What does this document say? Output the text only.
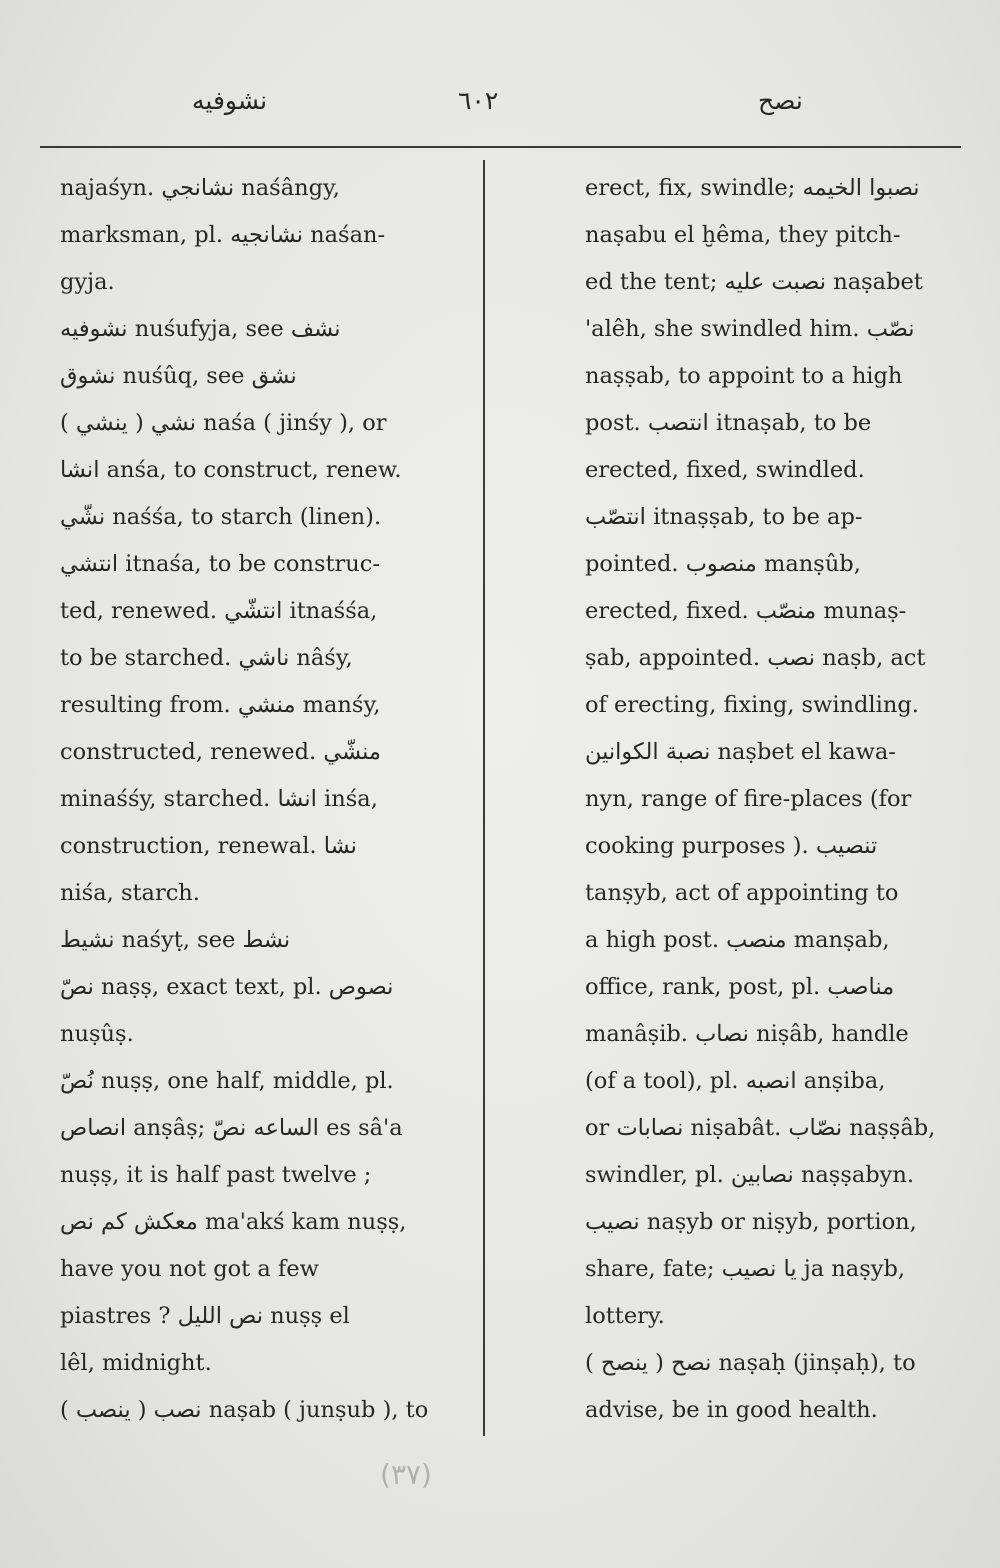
نشوفيه	٦٠٢	نصح
najaśyn. نشانجي naśângy,
marksman, pl. نشانجيه naśan-
gyja.
نشوفيه nuśufyja, see نشف
نشوق nuśûq, see نشق
نشي ( ينشي ) naśa ( jinśy ), or
انشا anśa, to construct, renew.
نشّي naśśa, to starch (linen).
انتشي itnaśa, to be construc-
ted, renewed. انتشّي itnaśśa,
to be starched. ناشي nâśy,
resulting from. منشي manśy,
constructed, renewed. منشّي
minaśśy, starched. انشا inśa,
construction, renewal. نشا
niśa, starch.
نشيط naśyṭ, see نشط
نصّ naṣṣ, exact text, pl. نصوص
nuṣûṣ.
نُصّ nuṣṣ, one half, middle, pl.
انصاص anṣâṣ; الساعه نصّ es sâ'a
nuṣṣ, it is half past twelve ;
معكش كم نص ma'akś kam nuṣṣ,
have you not got a few
piastres ? نص الليل nuṣṣ el
lêl, midnight.
نصب ( ينصب ) naṣab ( junṣub ), to
erect, fix, swindle; نصبوا الخيمه
naṣabu el ḫêma, they pitch-
ed the tent; نصبت عليه naṣabet
'alêh, she swindled him. نصّب
naṣṣab, to appoint to a high
post. انتصب itnaṣab, to be
erected, fixed, swindled.
انتصّب itnaṣṣab, to be ap-
pointed. منصوب manṣûb,
erected, fixed. منصّب munaṣ-
ṣab, appointed. نصب naṣb, act
of erecting, fixing, swindling.
نصبة الكوانين naṣbet el kawa-
nyn, range of fire-places (for
cooking purposes ). تنصيب
tanṣyb, act of appointing to
a high post. منصب manṣab,
office, rank, post, pl. مناصب
manâṣib. نصاب niṣâb, handle
(of a tool), pl. انصبه anṣiba,
or نصابات niṣabât. نصّاب naṣṣâb,
swindler, pl. نصابين naṣṣabyn.
نصيب naṣyb or niṣyb, portion,
share, fate; يا نصيب ja naṣyb,
lottery.
نصح ( ينصح ) naṣaḥ (jinṣaḥ), to
advise, be in good health.
(٣٧)
